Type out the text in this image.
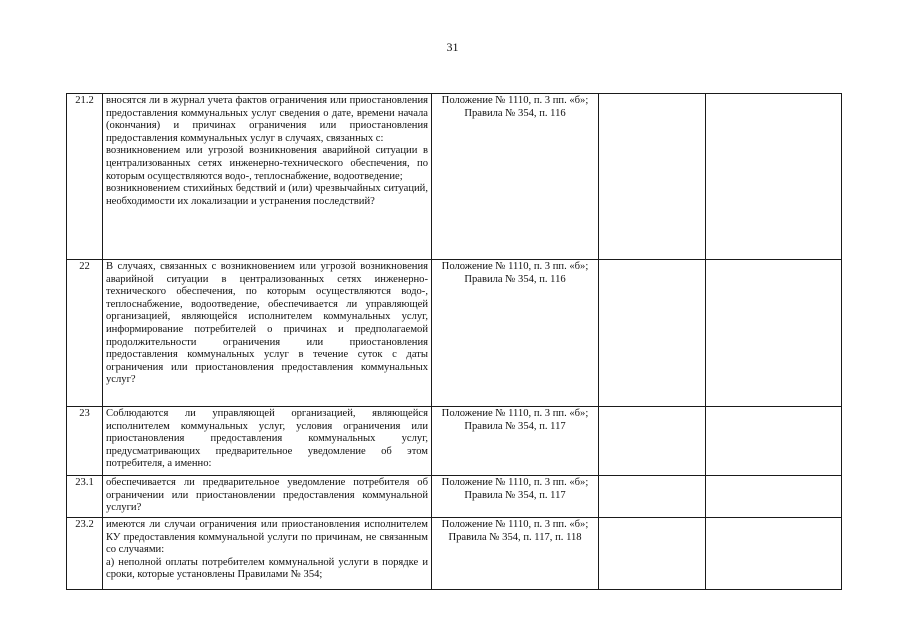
31
21.2	вносятся ли в журнал учета фактов ограничения или приостановления предоставления коммунальных услуг сведения о дате, времени начала (окончания) и причинах ограничения или приостановления предоставления коммунальных услуг в случаях, связанных с:
возникновением или угрозой возникновения аварийной ситуации в централизованных сетях инженерно-технического обеспечения, по которым осуществляются водо-, теплоснабжение, водоотведение;
возникновением стихийных бедствий и (или) чрезвычайных ситуаций, необходимости их локализации и устранения последствий?	Положение № 1110, п. 3 пп. «б»; Правила № 354, п. 116		
22	В случаях, связанных с возникновением или угрозой возникновения аварийной ситуации в централизованных сетях инженерно-технического обеспечения, по которым осуществляются водо-, теплоснабжение, водоотведение, обеспечивается ли управляющей организацией, являющейся исполнителем коммунальных услуг, информирование потребителей о причинах и предполагаемой продолжительности ограничения или приостановления предоставления коммунальных услуг в течение суток с даты ограничения или приостановления предоставления коммунальных услуг?	Положение № 1110, п. 3 пп. «б»; Правила № 354, п. 116		
23	Соблюдаются ли управляющей организацией, являющейся исполнителем коммунальных услуг, условия ограничения или приостановления предоставления коммунальных услуг, предусматривающих предварительное уведомление об этом потребителя, а именно:	Положение № 1110, п. 3 пп. «б»; Правила № 354, п. 117		
23.1	обеспечивается ли предварительное уведомление потребителя об ограничении или приостановлении предоставления коммунальной услуги?	Положение № 1110, п. 3 пп. «б»; Правила № 354, п. 117		
23.2	имеются ли случаи ограничения или приостановления исполнителем КУ предоставления коммунальной услуги по причинам, не связанным со случаями:
а) неполной оплаты потребителем коммунальной услуги в порядке и сроки, которые установлены Правилами № 354;	Положение № 1110, п. 3 пп. «б»; Правила № 354, п. 117, п. 118		
